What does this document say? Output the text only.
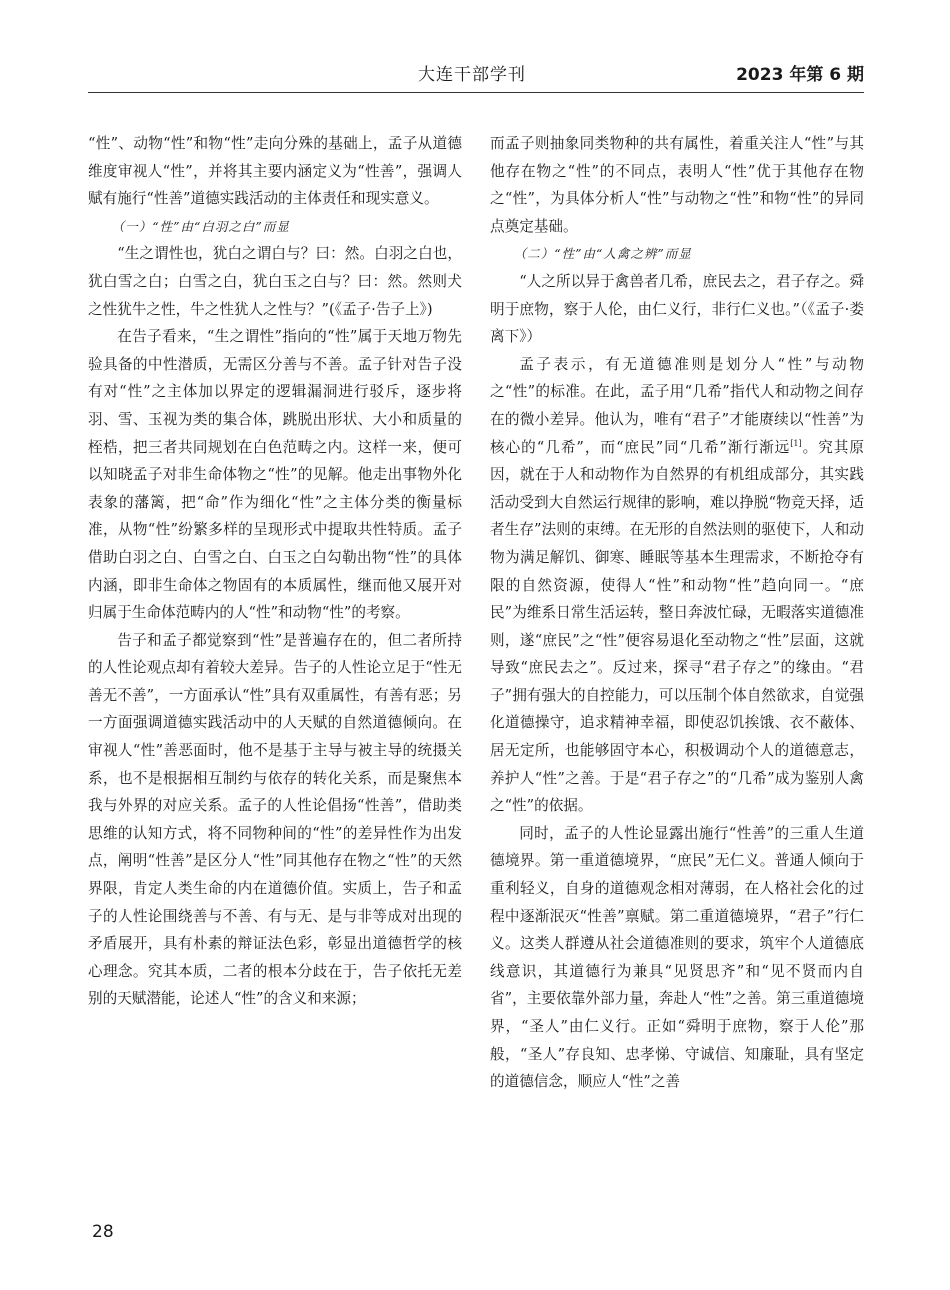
大连干部学刊	2023 年第 6 期

“性”、动物“性”和物“性”走向分殊的基础上，孟子从道德维度审视人“性”，并将其主要内涵定义为“性善”，强调人赋有施行“性善”道德实践活动的主体责任和现实意义。

（一）“性”由“白羽之白”而显

“生之谓性也，犹白之谓白与？曰：然。白羽之白也，犹白雪之白；白雪之白，犹白玉之白与？曰：然。然则犬之性犹牛之性，牛之性犹人之性与？”(《孟子·告子上》)

在告子看来，“生之谓性”指向的“性”属于天地万物先验具备的中性潜质，无需区分善与不善。孟子针对告子没有对“性”之主体加以界定的逻辑漏洞进行驳斥，逐步将羽、雪、玉视为类的集合体，跳脱出形状、大小和质量的桎梏，把三者共同规划在白色范畴之内。这样一来，便可以知晓孟子对非生命体物之“性”的见解。他走出事物外化表象的藩篱，把“命”作为细化“性”之主体分类的衡量标准，从物“性”纷繁多样的呈现形式中提取共性特质。孟子借助白羽之白、白雪之白、白玉之白勾勒出物“性”的具体内涵，即非生命体之物固有的本质属性，继而他又展开对归属于生命体范畴内的人“性”和动物“性”的考察。

告子和孟子都觉察到“性”是普遍存在的，但二者所持的人性论观点却有着较大差异。告子的人性论立足于“性无善无不善”，一方面承认“性”具有双重属性，有善有恶；另一方面强调道德实践活动中的人天赋的自然道德倾向。在审视人“性”善恶面时，他不是基于主导与被主导的统摄关系，也不是根据相互制约与依存的转化关系，而是聚焦本我与外界的对应关系。孟子的人性论倡扬“性善”，借助类思维的认知方式，将不同物种间的“性”的差异性作为出发点，阐明“性善”是区分人“性”同其他存在物之“性”的天然界限，肯定人类生命的内在道德价值。实质上，告子和孟子的人性论围绕善与不善、有与无、是与非等成对出现的矛盾展开，具有朴素的辩证法色彩，彰显出道德哲学的核心理念。究其本质，二者的根本分歧在于，告子依托无差别的天赋潜能，论述人“性”的含义和来源；

而孟子则抽象同类物种的共有属性，着重关注人“性”与其他存在物之“性”的不同点，表明人“性”优于其他存在物之“性”，为具体分析人“性”与动物之“性”和物“性”的异同点奠定基础。

（二）“性”由“人禽之辨”而显

“人之所以异于禽兽者几希，庶民去之，君子存之。舜明于庶物，察于人伦，由仁义行，非行仁义也。”（《孟子·娄离下》）

孟子表示，有无道德准则是划分人“性”与动物之“性”的标准。在此，孟子用“几希”指代人和动物之间存在的微小差异。他认为，唯有“君子”才能赓续以“性善”为核心的“几希”，而“庶民”同“几希”渐行渐远[1]。究其原因，就在于人和动物作为自然界的有机组成部分，其实践活动受到大自然运行规律的影响，难以挣脱“物竞天择，适者生存”法则的束缚。在无形的自然法则的驱使下，人和动物为满足解饥、御寒、睡眠等基本生理需求，不断抢夺有限的自然资源，使得人“性”和动物“性”趋向同一。“庶民”为维系日常生活运转，整日奔波忙碌，无暇落实道德准则，遂“庶民”之“性”便容易退化至动物之“性”层面，这就导致“庶民去之”。反过来，探寻“君子存之”的缘由。“君子”拥有强大的自控能力，可以压制个体自然欲求，自觉强化道德操守，追求精神幸福，即使忍饥挨饿、衣不蔽体、居无定所，也能够固守本心，积极调动个人的道德意志，养护人“性”之善。于是“君子存之”的“几希”成为鉴别人禽之“性”的依据。

同时，孟子的人性论显露出施行“性善”的三重人生道德境界。第一重道德境界，“庶民”无仁义。普通人倾向于重利轻义，自身的道德观念相对薄弱，在人格社会化的过程中逐渐泯灭“性善”禀赋。第二重道德境界，“君子”行仁义。这类人群遵从社会道德准则的要求，筑牢个人道德底线意识，其道德行为兼具“见贤思齐”和“见不贤而内自省”，主要依靠外部力量，奔赴人“性”之善。第三重道德境界，“圣人”由仁义行。正如“舜明于庶物，察于人伦”那般，“圣人”存良知、忠孝悌、守诚信、知廉耻，具有坚定的道德信念，顺应人“性”之善

28
